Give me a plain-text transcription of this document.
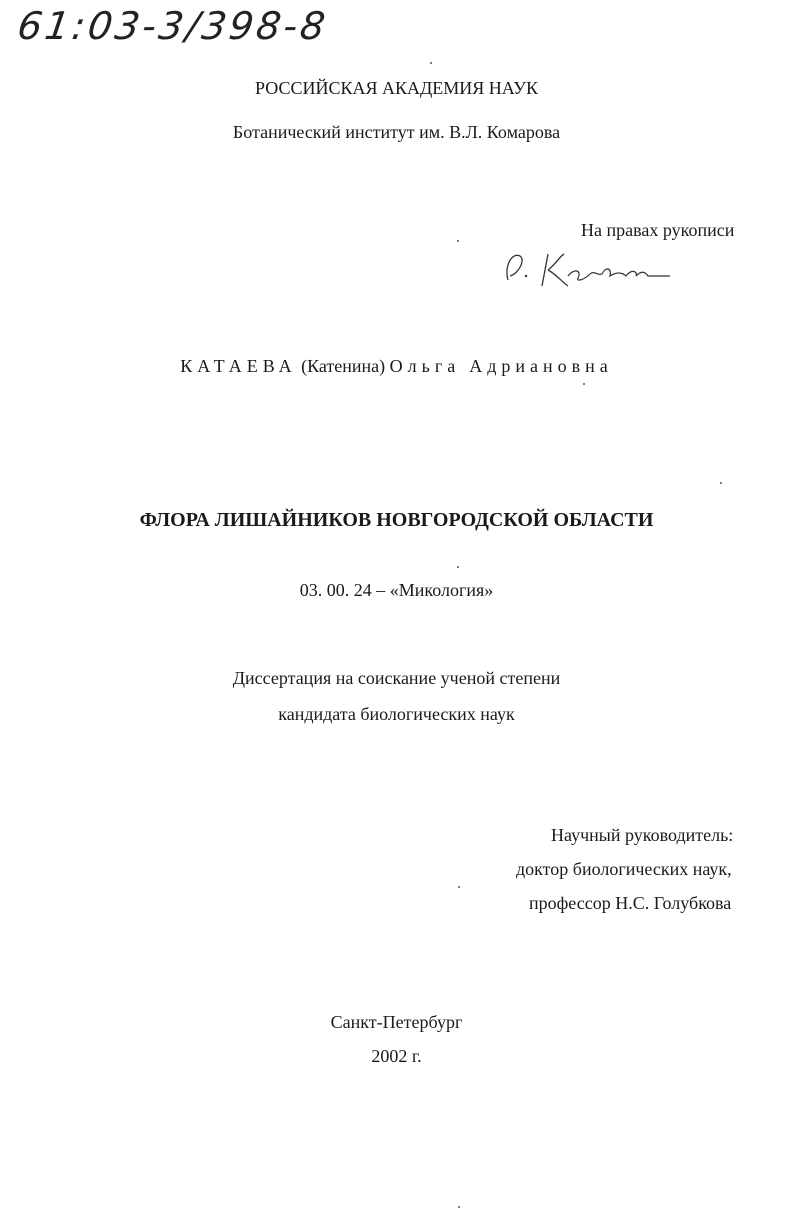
61:03-3/398-8
РОССИЙСКАЯ АКАДЕМИЯ НАУК
Ботанический институт им. В.Л. Комарова
На правах рукописи
КАТАЕВА (Катенина) Ольга Адриановна
ФЛОРА ЛИШАЙНИКОВ НОВГОРОДСКОЙ ОБЛАСТИ
03. 00. 24 – «Микология»
Диссертация на соискание ученой степени
кандидата биологических наук
Научный руководитель:
доктор биологических наук,
профессор Н.С. Голубкова
Санкт-Петербург
2002 г.
